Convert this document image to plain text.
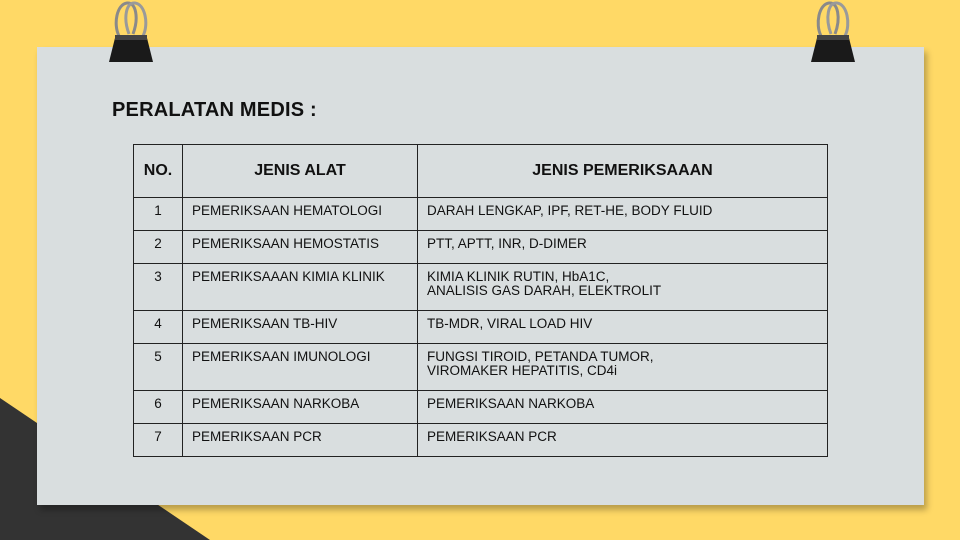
PERALATAN MEDIS :
NO.	JENIS ALAT	JENIS PEMERIKSAAAN
1	PEMERIKSAAN HEMATOLOGI	DARAH LENGKAP, IPF, RET-HE, BODY FLUID

2	PEMERIKSAAN HEMOSTATIS	PTT, APTT, INR, D-DIMER

3	PEMERIKSAAAN KIMIA KLINIK	KIMIA KLINIK RUTIN, HbA1C,
ANALISIS GAS DARAH, ELEKTROLIT

4	PEMERIKSAAN TB-HIV	TB-MDR, VIRAL LOAD HIV

5	PEMERIKSAAN IMUNOLOGI	FUNGSI TIROID, PETANDA TUMOR,
VIROMAKER HEPATITIS, CD4i

6	PEMERIKSAAN NARKOBA	PEMERIKSAAN NARKOBA

7	PEMERIKSAAN PCR	PEMERIKSAAN PCR
